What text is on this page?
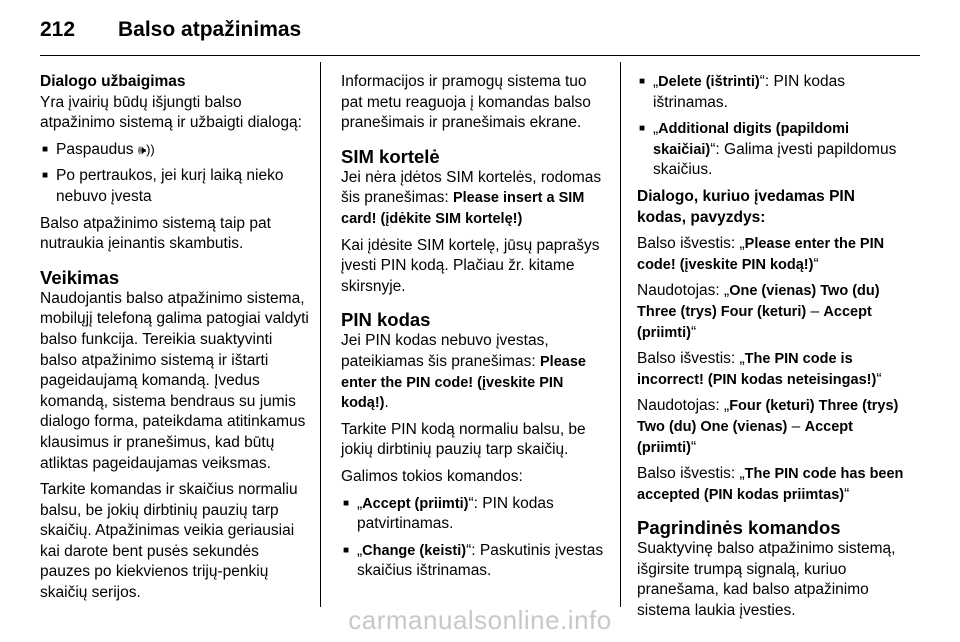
212	Balso atpažinimas

Dialogo užbaigimas

Yra įvairių būdų išjungti balso atpažinimo sistemą ir užbaigti dialogą:

■ Paspaudus 🕪))
■ Po pertraukos, jei kurį laiką nieko nebuvo įvesta

Balso atpažinimo sistemą taip pat nutraukia įeinantis skambutis.

Veikimas

Naudojantis balso atpažinimo sistema, mobilųjį telefoną galima patogiai valdyti balso funkcija. Tereikia suaktyvinti balso atpažinimo sistemą ir ištarti pageidaujamą komandą. Įvedus komandą, sistema bendraus su jumis dialogo forma, pateikdama atitinkamus klausimus ir pranešimus, kad būtų atliktas pageidaujamas veiksmas.

Tarkite komandas ir skaičius normaliu balsu, be jokių dirbtinių pauzių tarp skaičių. Atpažinimas veikia geriausiai kai darote bent pusės sekundės pauzes po kiekvienos trijų-penkių skaičių serijos.

Informacijos ir pramogų sistema tuo pat metu reaguoja į komandas balso pranešimais ir pranešimais ekrane.

SIM kortelė

Jei nėra įdėtos SIM kortelės, rodomas šis pranešimas: Please insert a SIM card! (įdėkite SIM kortelę!)

Kai įdėsite SIM kortelę, jūsų paprašys įvesti PIN kodą. Plačiau žr. kitame skirsnyje.

PIN kodas

Jei PIN kodas nebuvo įvestas, pateikiamas šis pranešimas: Please enter the PIN code! (įveskite PIN kodą!).

Tarkite PIN kodą normaliu balsu, be jokių dirbtinių pauzių tarp skaičių.

Galimos tokios komandos:

■ „Accept (priimti)“: PIN kodas patvirtinamas.
■ „Change (keisti)“: Paskutinis įvestas skaičius ištrinamas.
■ „Delete (ištrinti)“: PIN kodas ištrinamas.
■ „Additional digits (papildomi skaičiai)“: Galima įvesti papildomus skaičius.

Dialogo, kuriuo įvedamas PIN kodas, pavyzdys:

Balso išvestis: „Please enter the PIN code! (įveskite PIN kodą!)“

Naudotojas: „One (vienas) Two (du) Three (trys) Four (keturi) – Accept (priimti)“

Balso išvestis: „The PIN code is incorrect! (PIN kodas neteisingas!)“

Naudotojas: „Four (keturi) Three (trys) Two (du) One (vienas) – Accept (priimti)“

Balso išvestis: „The PIN code has been accepted (PIN kodas priimtas)“

Pagrindinės komandos

Suaktyvinę balso atpažinimo sistemą, išgirsite trumpą signalą, kuriuo pranešama, kad balso atpažinimo sistema laukia įvesties.

carmanualsonline.info
